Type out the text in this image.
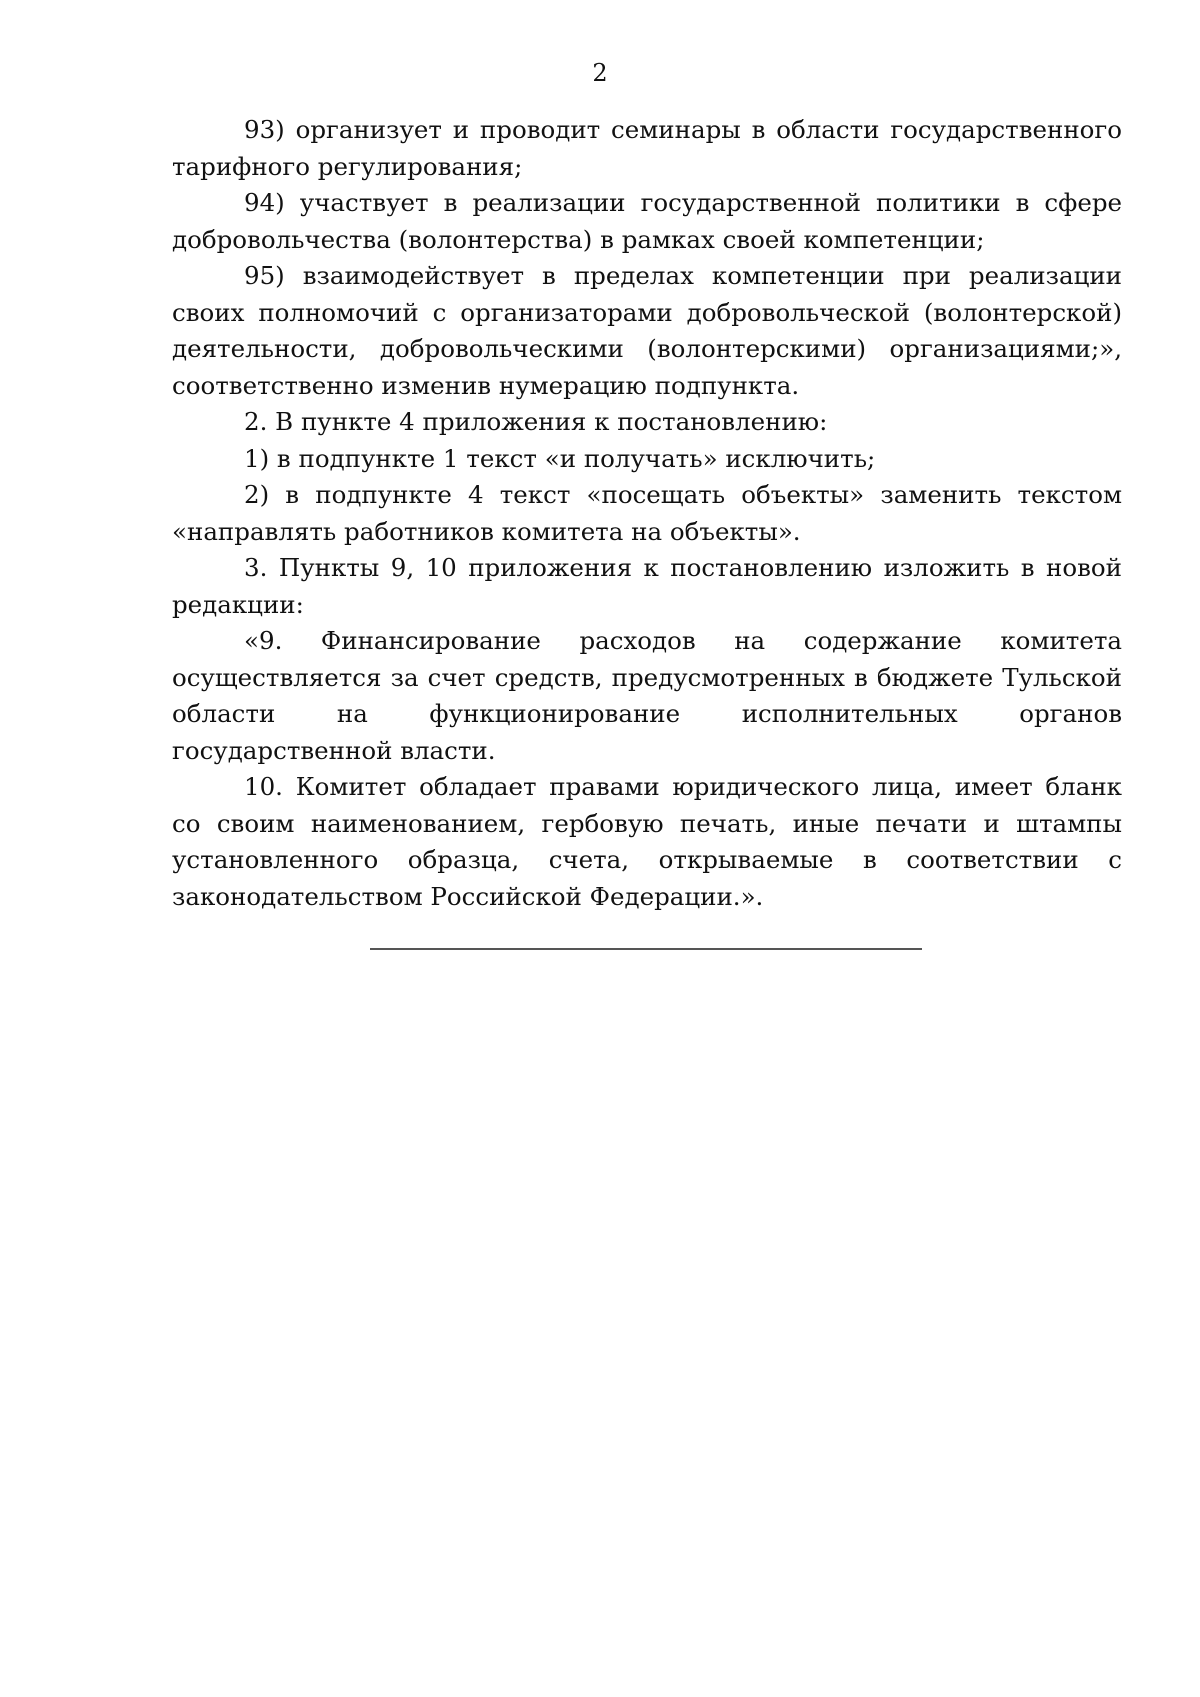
2

93) организует и проводит семинары в области государственного тарифного регулирования;

94) участвует в реализации государственной политики в сфере добровольчества (волонтерства) в рамках своей компетенции;

95) взаимодействует в пределах компетенции при реализации своих полномочий с организаторами добровольческой (волонтерской) деятельности, добровольческими (волонтерскими) организациями;», соответственно изменив нумерацию подпункта.

2. В пункте 4 приложения к постановлению:

1) в подпункте 1 текст «и получать» исключить;

2) в подпункте 4 текст «посещать объекты» заменить текстом «направлять работников комитета на объекты».

3. Пункты 9, 10 приложения к постановлению изложить в новой редакции:

«9. Финансирование расходов на содержание комитета осуществляется за счет средств, предусмотренных в бюджете Тульской области на функционирование исполнительных органов государственной власти.

10. Комитет обладает правами юридического лица, имеет бланк со своим наименованием, гербовую печать, иные печати и штампы установленного образца, счета, открываемые в соответствии с законодательством Российской Федерации.».
